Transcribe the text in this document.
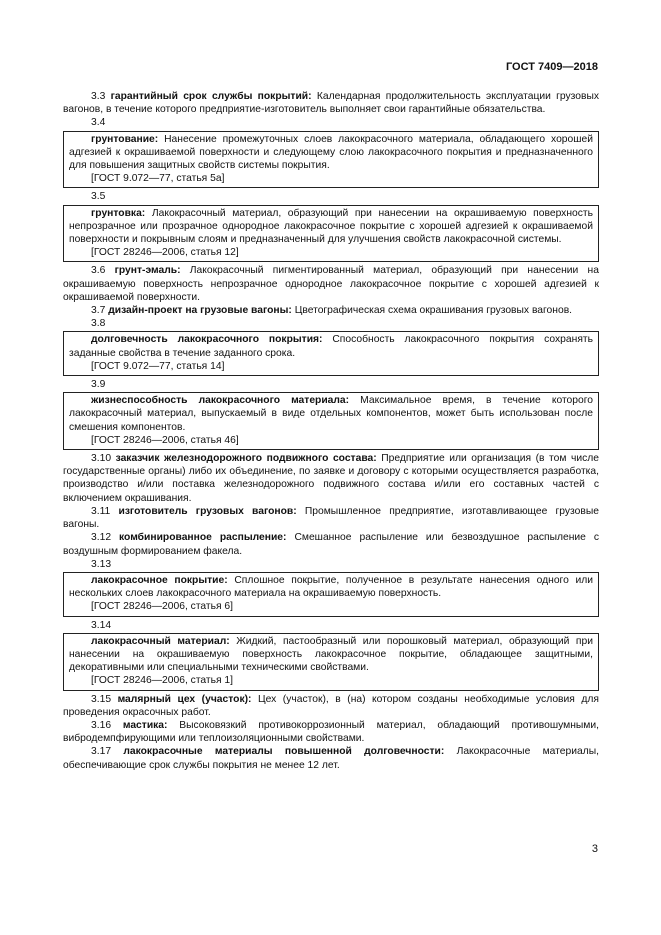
ГОСТ 7409—2018

3.3 гарантийный срок службы покрытий: Календарная продолжительность эксплуатации грузовых вагонов, в течение которого предприятие-изготовитель выполняет свои гарантийные обязательства.

3.4

грунтование: Нанесение промежуточных слоев лакокрасочного материала, обладающего хорошей адгезией к окрашиваемой поверхности и следующему слою лакокрасочного покрытия и предназначенного для повышения защитных свойств системы покрытия.

[ГОСТ 9.072—77, статья 5а]

3.5

грунтовка: Лакокрасочный материал, образующий при нанесении на окрашиваемую поверхность непрозрачное или прозрачное однородное лакокрасочное покрытие с хорошей адгезией к окрашиваемой поверхности и покрывным слоям и предназначенный для улучшения свойств лакокрасочной системы.

[ГОСТ 28246—2006, статья 12]

3.6 грунт-эмаль: Лакокрасочный пигментированный материал, образующий при нанесении на окрашиваемую поверхность непрозрачное однородное лакокрасочное покрытие с хорошей адгезией к окрашиваемой поверхности.

3.7 дизайн-проект на грузовые вагоны: Цветографическая схема окрашивания грузовых вагонов.

3.8

долговечность лакокрасочного покрытия: Способность лакокрасочного покрытия сохранять заданные свойства в течение заданного срока.

[ГОСТ 9.072—77, статья 14]

3.9

жизнеспособность лакокрасочного материала: Максимальное время, в течение которого лакокрасочный материал, выпускаемый в виде отдельных компонентов, может быть использован после смешения компонентов.

[ГОСТ 28246—2006, статья 46]

3.10 заказчик железнодорожного подвижного состава: Предприятие или организация (в том числе государственные органы) либо их объединение, по заявке и договору с которыми осуществляется разработка, производство и/или поставка железнодорожного подвижного состава и/или его составных частей с включением окрашивания.

3.11 изготовитель грузовых вагонов: Промышленное предприятие, изготавливающее грузовые вагоны.

3.12 комбинированное распыление: Смешанное распыление или безвоздушное распыление с воздушным формированием факела.

3.13

лакокрасочное покрытие: Сплошное покрытие, полученное в результате нанесения одного или нескольких слоев лакокрасочного материала на окрашиваемую поверхность.

[ГОСТ 28246—2006, статья 6]

3.14

лакокрасочный материал: Жидкий, пастообразный или порошковый материал, образующий при нанесении на окрашиваемую поверхность лакокрасочное покрытие, обладающее защитными, декоративными или специальными техническими свойствами.

[ГОСТ 28246—2006, статья 1]

3.15 малярный цех (участок): Цех (участок), в (на) котором созданы необходимые условия для проведения окрасочных работ.

3.16 мастика: Высоковязкий противокоррозионный материал, обладающий противошумными, вибродемпфирующими или теплоизоляционными свойствами.

3.17 лакокрасочные материалы повышенной долговечности: Лакокрасочные материалы, обеспечивающие срок службы покрытия не менее 12 лет.

3
